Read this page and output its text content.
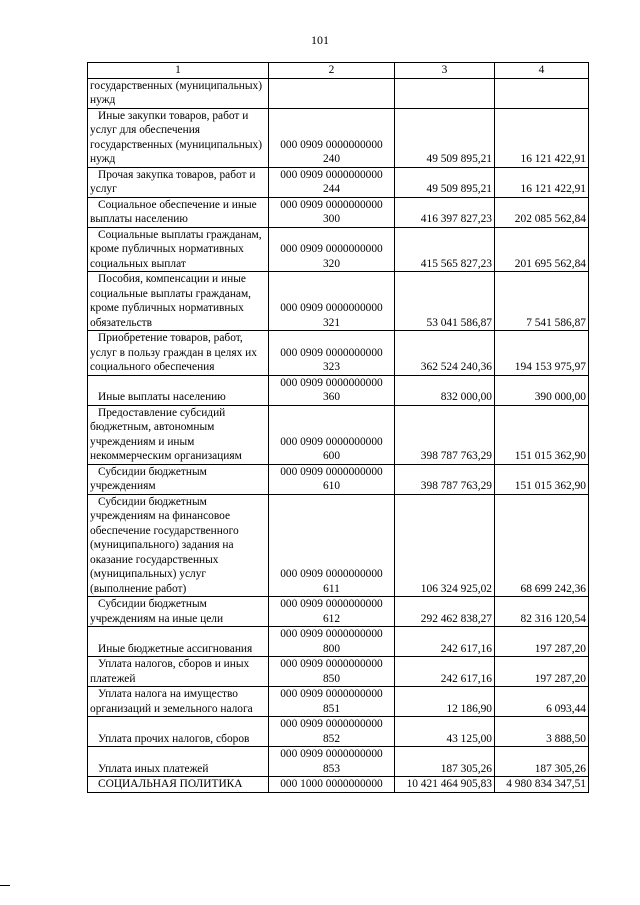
101
1	2	3	4
государственных (муниципальных) нужд			
Иные закупки товаров, работ и услуг для обеспечения государственных (муниципальных) нужд	000 0909 0000000000 240	49 509 895,21	16 121 422,91
Прочая закупка товаров, работ и услуг	000 0909 0000000000 244	49 509 895,21	16 121 422,91
Социальное обеспечение и иные выплаты населению	000 0909 0000000000 300	416 397 827,23	202 085 562,84
Социальные выплаты гражданам, кроме публичных нормативных социальных выплат	000 0909 0000000000 320	415 565 827,23	201 695 562,84
Пособия, компенсации и иные социальные выплаты гражданам, кроме публичных нормативных обязательств	000 0909 0000000000 321	53 041 586,87	7 541 586,87
Приобретение товаров, работ, услуг в пользу граждан в целях их социального обеспечения	000 0909 0000000000 323	362 524 240,36	194 153 975,97
Иные выплаты населению	000 0909 0000000000 360	832 000,00	390 000,00
Предоставление субсидий бюджетным, автономным учреждениям и иным некоммерческим организациям	000 0909 0000000000 600	398 787 763,29	151 015 362,90
Субсидии бюджетным учреждениям	000 0909 0000000000 610	398 787 763,29	151 015 362,90
Субсидии бюджетным учреждениям на финансовое обеспечение государственного (муниципального) задания на оказание государственных (муниципальных) услуг (выполнение работ)	000 0909 0000000000 611	106 324 925,02	68 699 242,36
Субсидии бюджетным учреждениям на иные цели	000 0909 0000000000 612	292 462 838,27	82 316 120,54
Иные бюджетные ассигнования	000 0909 0000000000 800	242 617,16	197 287,20
Уплата налогов, сборов и иных платежей	000 0909 0000000000 850	242 617,16	197 287,20
Уплата налога на имущество организаций и земельного налога	000 0909 0000000000 851	12 186,90	6 093,44
Уплата прочих налогов, сборов	000 0909 0000000000 852	43 125,00	3 888,50
Уплата иных платежей	000 0909 0000000000 853	187 305,26	187 305,26
СОЦИАЛЬНАЯ ПОЛИТИКА	000 1000 0000000000	10 421 464 905,83	4 980 834 347,51
